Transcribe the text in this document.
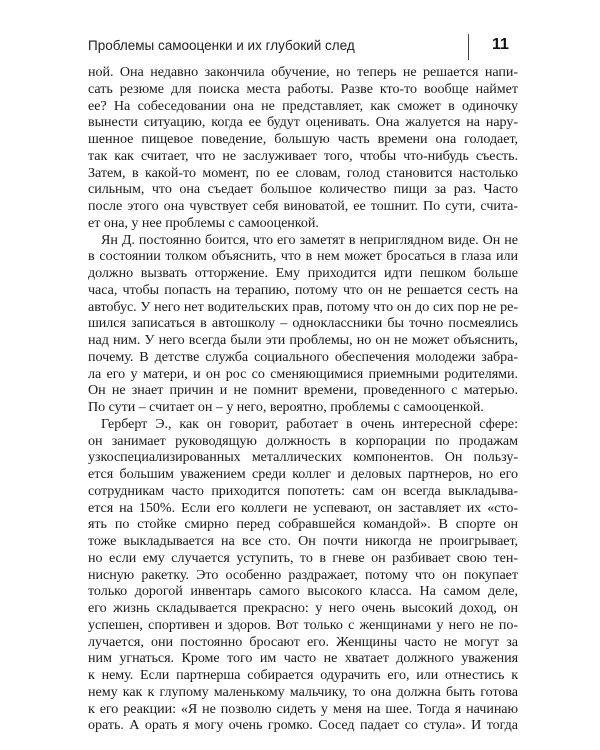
Проблемы самооценки и их глубокий след	11
ной. Она недавно закончила обучение, но теперь не решается напи-
сать резюме для поиска места работы. Разве кто-то вообще наймет
ее? На собеседовании она не представляет, как сможет в одиночку
вынести ситуацию, когда ее будут оценивать. Она жалуется на нару-
шенное пищевое поведение, большую часть времени она голодает,
так как считает, что не заслуживает того, чтобы что-нибудь съесть.
Затем, в какой-то момент, по ее словам, голод становится настолько
сильным, что она съедает большое количество пищи за раз. Часто
после этого она чувствует себя виноватой, ее тошнит. По сути, счита-
ет она, у нее проблемы с самооценкой.
Ян Д. постоянно боится, что его заметят в неприглядном виде. Он не
в состоянии толком объяснить, что в нем может бросаться в глаза или
должно вызвать отторжение. Ему приходится идти пешком больше
часа, чтобы попасть на терапию, потому что он не решается сесть на
автобус. У него нет водительских прав, потому что он до сих пор не ре-
шился записаться в автошколу – одноклассники бы точно посмеялись
над ним. У него всегда были эти проблемы, но он не может объяснить,
почему. В детстве служба социального обеспечения молодежи забра-
ла его у матери, и он рос со сменяющимися приемными родителями.
Он не знает причин и не помнит времени, проведенного с матерью.
По сути – считает он – у него, вероятно, проблемы с самооценкой.
Герберт Э., как он говорит, работает в очень интересной сфере:
он занимает руководящую должность в корпорации по продажам
узкоспециализированных металлических компонентов. Он пользу-
ется большим уважением среди коллег и деловых партнеров, но его
сотрудникам часто приходится попотеть: сам он всегда выкладыва-
ется на 150%. Если его коллеги не успевают, он заставляет их «сто-
ять по стойке смирно перед собравшейся командой». В спорте он
тоже выкладывается на все сто. Он почти никогда не проигрывает,
но если ему случается уступить, то в гневе он разбивает свою тен-
нисную ракетку. Это особенно раздражает, потому что он покупает
только дорогой инвентарь самого высокого класса. На самом деле,
его жизнь складывается прекрасно: у него очень высокий доход, он
успешен, спортивен и здоров. Вот только с женщинами у него не по-
лучается, они постоянно бросают его. Женщины часто не могут за
ним угнаться. Кроме того им часто не хватает должного уважения
к нему. Если партнерша собирается одурачить его, или отнестись к
нему как к глупому маленькому мальчику, то она должна быть готова
к его реакции: «Я не позволю сидеть у меня на шее. Тогда я начинаю
орать. А орать я могу очень громко. Сосед падает со стула». И тогда
